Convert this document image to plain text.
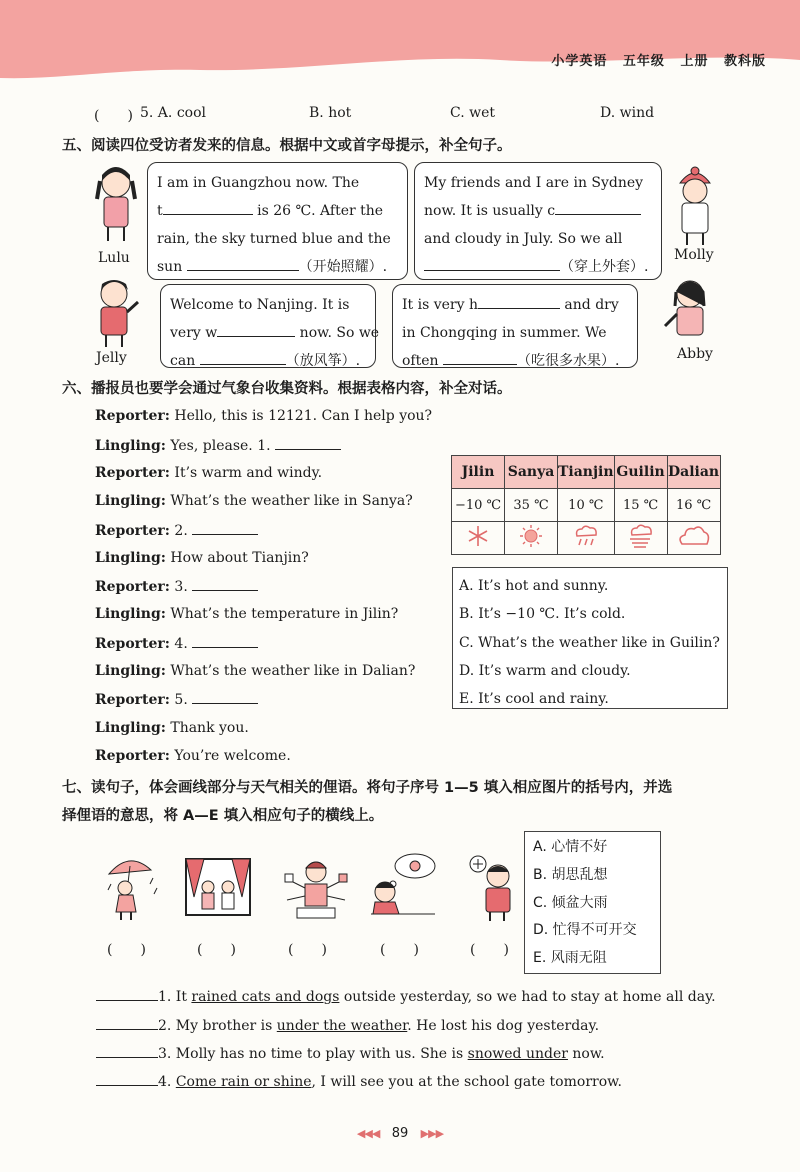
小学英语 五年级 上册 教科版
(　　) 5. A. cool	B. hot	C. wet	D. wind
五、阅读四位受访者发来的信息。根据中文或首字母提示，补全句子。
Lulu

I am in Guangzhou now. The

t	is 26 ℃. After the

rain, the sky turned blue and the

sun	（开始照耀）.

My friends and I are in Sydney

now. It is usually c

and cloudy in July. So we all

（穿上外套）.

Molly
Jelly

Welcome to Nanjing. It is

very w	now. So we

can	（放风筝）.

It is very h	and dry

in Chongqing in summer. We

often	（吃很多水果）.	Abby
六、播报员也要学会通过气象台收集资料。根据表格内容，补全对话。
Reporter: Hello, this is 12121. Can I help you?
Lingling: Yes, please. 1.
Reporter: It’s warm and windy.
Lingling: What’s the weather like in Sanya?
Reporter: 2.
Lingling: How about Tianjin?
Reporter: 3.
Lingling: What’s the temperature in Jilin?
Reporter: 4.
Lingling: What’s the weather like in Dalian?
Reporter: 5.
Lingling: Thank you.
Reporter: You’re welcome.
Jilin	Sanya	Tianjin	Guilin	Dalian
−10 ℃	35 ℃	10 ℃	15 ℃	16 ℃

A. It’s hot and sunny.
B. It’s −10 ℃. It’s cold.
C. What’s the weather like in Guilin?
D. It’s warm and cloudy.
E. It’s cool and rainy.
七、读句子，体会画线部分与天气相关的俚语。将句子序号 1—5 填入相应图片的括号内，并选
择俚语的意思，将 A—E 填入相应句子的横线上。
(　　)	(　　)	(　　)	(　　)	(　　)
A. 心情不好
B. 胡思乱想
C. 倾盆大雨
D. 忙得不可开交
E. 风雨无阻
1. It rained cats and dogs outside yesterday, so we had to stay at home all day.
2. My brother is under the weather. He lost his dog yesterday.
3. Molly has no time to play with us. She is snowed under now.
4. Come rain or shine, I will see you at the school gate tomorrow.
◀◀◀ 89 ▶▶▶
